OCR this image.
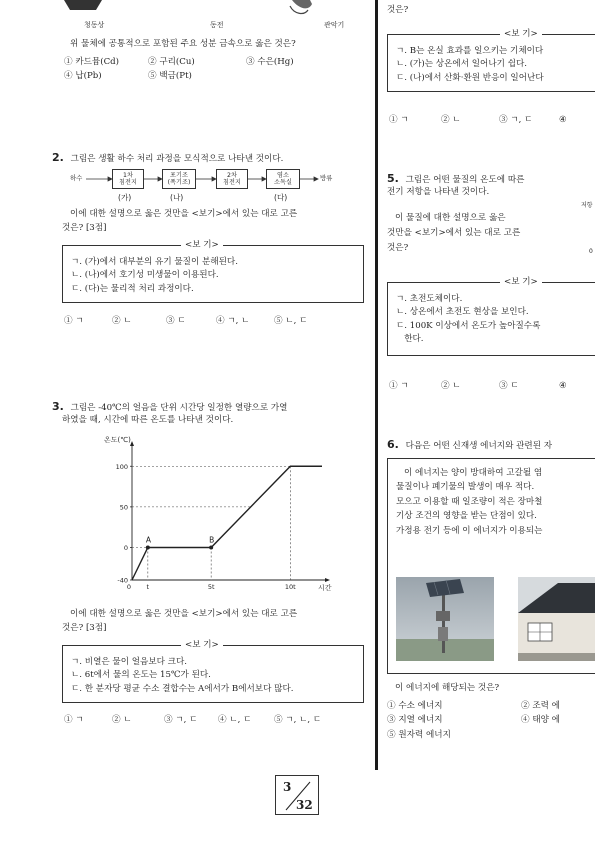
청동상	동전	관악기
위 물체에 공통적으로 포함된 주요 성분 금속으로 옳은 것은?
① 카드뮴(Cd)	② 구리(Cu)	③ 수은(Hg)
④ 납(Pb)	⑤ 백금(Pt)
2. 그림은 생활 하수 처리 과정을 모식적으로 나타낸 것이다.
하수	1차
침전지
포기조
(폭기조)
2차
침전지
염소
소독실
방류
(가)	(나)	(다)
이에 대한 설명으로 옳은 것만을 <보기>에서 있는 대로 고른
것은? [3점]
<보 기>

ㄱ. (가)에서 대부분의 유기 물질이 분해된다.

ㄴ. (나)에서 호기성 미생물이 이용된다.

ㄷ. (다)는 물리적 처리 과정이다.

① ㄱ	② ㄴ	③ ㄷ	④ ㄱ, ㄴ	⑤ ㄴ, ㄷ
3. 그림은 -40℃의 얼음을 단위 시간당 일정한 열량으로 가열
하였을 때, 시간에 따른 온도를 나타낸 것이다.
온도(℃)
시간
100
50
0
-40
0 t	5t	10t
A	B
이에 대한 설명으로 옳은 것만을 <보기>에서 있는 대로 고른
것은? [3점]
<보 기>

ㄱ. 비열은 물이 얼음보다 크다.

ㄴ. 6t에서 물의 온도는 15℃가 된다.

ㄷ. 한 분자당 평균 수소 결합수는 A에서가 B에서보다 많다.

① ㄱ	② ㄴ	③ ㄱ, ㄷ	④ ㄴ, ㄷ	⑤ ㄱ, ㄴ, ㄷ
것은?
<보 기>

ㄱ. B는 온실 효과를 일으키는 기체이다

ㄴ. (가)는 상온에서 일어나기 쉽다.

ㄷ. (나)에서 산화·환원 반응이 일어난다

① ㄱ	② ㄴ	③ ㄱ, ㄷ	④
5. 그림은 어떤 물질의 온도에 따른
전기 저항을 나타낸 것이다.
이 물질에 대한 설명으로 옳은
것만을 <보기>에서 있는 대로 고른
것은?
저항
0
<보 기>

ㄱ. 초전도체이다.

ㄴ. 상온에서 초전도 현상을 보인다.

ㄷ. 100K 이상에서 온도가 높아질수록

한다.

① ㄱ	② ㄴ	③ ㄷ	④
6. 다음은 어떤 신재생 에너지와 관련된 자

이 에너지는 양이 방대하여 고갈될 염

물질이나 폐기물의 발생이 매우 적다.

모으고 이용할 때 일조량이 적은 장마철

기상 조건의 영향을 받는 단점이 있다.

가정용 전기 등에 이 에너지가 이용되는

이 에너지에 해당되는 것은?
① 수소 에너지	② 조력 에
③ 지열 에너지	④ 태양 에
⑤ 원자력 에너지
3
32
